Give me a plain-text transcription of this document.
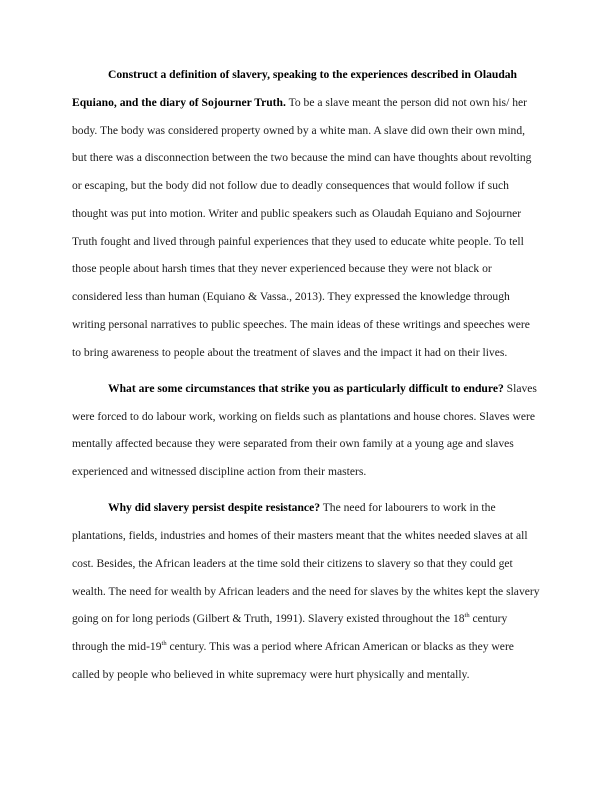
Construct a definition of slavery, speaking to the experiences described in Olaudah Equiano, and the diary of Sojourner Truth. To be a slave meant the person did not own his/ her body. The body was considered property owned by a white man. A slave did own their own mind, but there was a disconnection between the two because the mind can have thoughts about revolting or escaping, but the body did not follow due to deadly consequences that would follow if such thought was put into motion. Writer and public speakers such as Olaudah Equiano and Sojourner Truth fought and lived through painful experiences that they used to educate white people. To tell those people about harsh times that they never experienced because they were not black or considered less than human (Equiano & Vassa., 2013). They expressed the knowledge through writing personal narratives to public speeches. The main ideas of these writings and speeches were to bring awareness to people about the treatment of slaves and the impact it had on their lives.

What are some circumstances that strike you as particularly difficult to endure? Slaves were forced to do labour work, working on fields such as plantations and house chores. Slaves were mentally affected because they were separated from their own family at a young age and slaves experienced and witnessed discipline action from their masters.

Why did slavery persist despite resistance? The need for labourers to work in the plantations, fields, industries and homes of their masters meant that the whites needed slaves at all cost. Besides, the African leaders at the time sold their citizens to slavery so that they could get wealth. The need for wealth by African leaders and the need for slaves by the whites kept the slavery going on for long periods (Gilbert & Truth, 1991). Slavery existed throughout the 18th century through the mid-19th century. This was a period where African American or blacks as they were called by people who believed in white supremacy were hurt physically and mentally.
